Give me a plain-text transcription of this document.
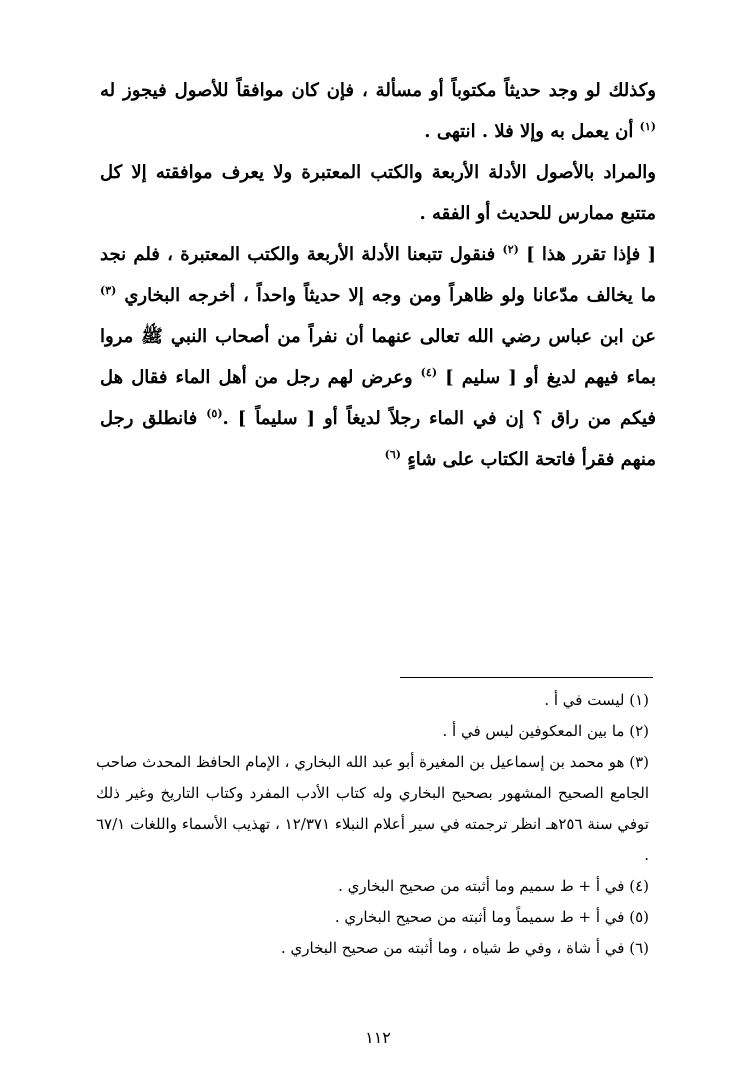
وكذلك لو وجد حديثاً مكتوباً أو مسألة ، فإن كان موافقاً للأصول فيجوز له $^{(١)}$ أن يعمل به وإلا فلا . انتهى .

والمراد بالأصول الأدلة الأربعة والكتب المعتبرة ولا يعرف موافقته إلا كل متتبع ممارس للحديث أو الفقه .

[ فإذا تقرر هذا ] $^{(٢)}$ فنقول تتبعنا الأدلة الأربعة والكتب المعتبرة ، فلم نجد ما يخالف مدّعانا ولو ظاهراً ومن وجه إلا حديثاً واحداً ، أخرجه البخاري $^{(٣)}$ عن ابن عباس رضي الله تعالى عنهما أن نفراً من أصحاب النبي ﷺ مروا بماء فيهم لديغ أو [ سليم ] $^{(٤)}$ وعرض لهم رجل من أهل الماء فقال هل فيكم من راق ؟ إن في الماء رجلاً لديغاً أو [ سليماً ] .$^{(٥)}$ فانطلق رجل منهم فقرأ فاتحة الكتاب على شاءٍ $^{(٦)}$

(١) ليست في أ .

(٢) ما بين المعكوفين ليس في أ .

(٣) هو محمد بن إسماعيل بن المغيرة أبو عبد الله البخاري ، الإمام الحافظ المحدث صاحب الجامع الصحيح المشهور بصحيح البخاري وله كتاب الأدب المفرد وكتاب التاريخ وغير ذلك توفي سنة ٢٥٦هـ انظر ترجمته في سير أعلام النبلاء ١٢/٣٧١ ، تهذيب الأسماء واللغات ٦٧/١ .

(٤) في أ + ط سميم وما أثبته من صحيح البخاري .

(٥) في أ + ط سميماً وما أثبته من صحيح البخاري .

(٦) في أ شاة ، وفي ط شياه ، وما أثبته من صحيح البخاري .

١١٢
